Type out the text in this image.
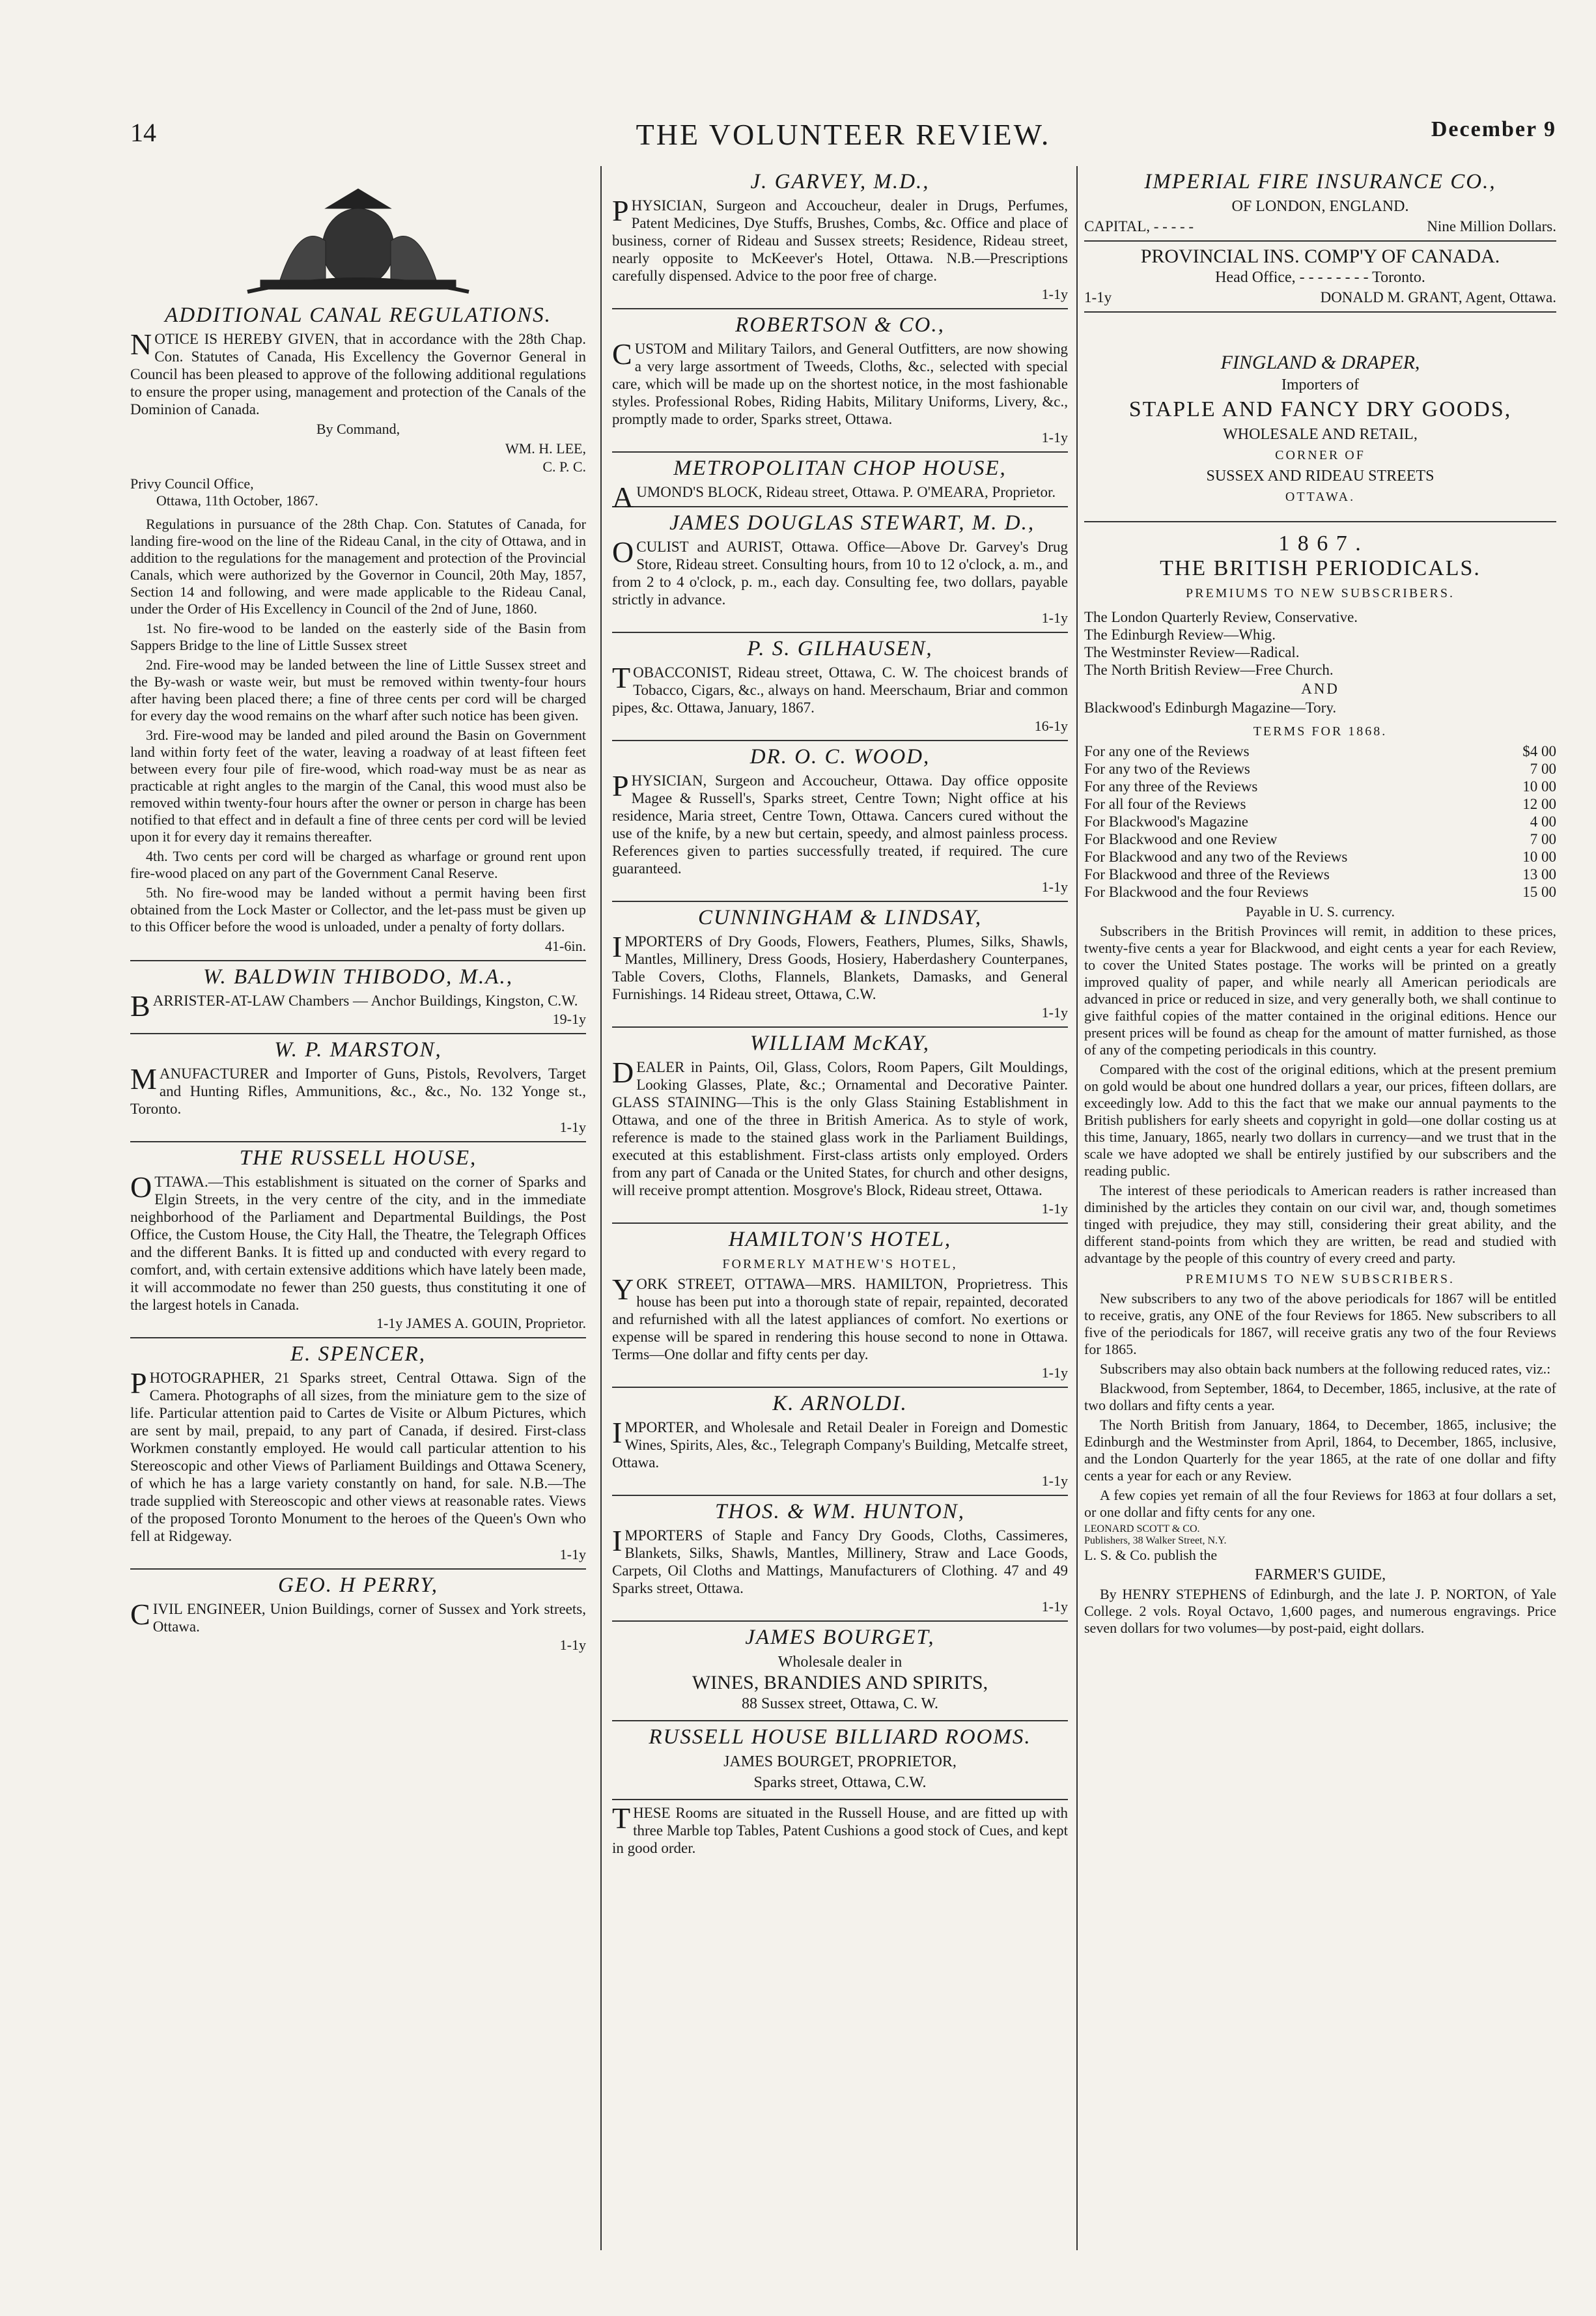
14	THE VOLUNTEER REVIEW.	December 9
ADDITIONAL CANAL REGULATIONS.

NOTICE IS HEREBY GIVEN, that in accordance with the 28th Chap. Con. Statutes of Canada, His Excellency the Governor General in Council has been pleased to approve of the following additional regulations to ensure the proper using, management and protection of the Canals of the Dominion of Canada.

By Command,
WM. H. LEE,
C. P. C.
Privy Council Office,
Ottawa, 11th October, 1867.

Regulations in pursuance of the 28th Chap. Con. Statutes of Canada, for landing fire-wood on the line of the Rideau Canal, in the city of Ottawa, and in addition to the regulations for the management and protection of the Provincial Canals, which were authorized by the Governor in Council, 20th May, 1857, Section 14 and following, and were made applicable to the Rideau Canal, under the Order of His Excellency in Council of the 2nd of June, 1860.

1st. No fire-wood to be landed on the easterly side of the Basin from Sappers Bridge to the line of Little Sussex street

2nd. Fire-wood may be landed between the line of Little Sussex street and the By-wash or waste weir, but must be removed within twenty-four hours after having been placed there; a fine of three cents per cord will be charged for every day the wood remains on the wharf after such notice has been given.

3rd. Fire-wood may be landed and piled around the Basin on Government land within forty feet of the water, leaving a roadway of at least fifteen feet between every four pile of fire-wood, which road-way must be as near as practicable at right angles to the margin of the Canal, this wood must also be removed within twenty-four hours after the owner or person in charge has been notified to that effect and in default a fine of three cents per cord will be levied upon it for every day it remains thereafter.

4th. Two cents per cord will be charged as wharfage or ground rent upon fire-wood placed on any part of the Government Canal Reserve.

5th. No fire-wood may be landed without a permit having been first obtained from the Lock Master or Collector, and the let-pass must be given up to this Officer before the wood is unloaded, under a penalty of forty dollars.

41-6in.
W. BALDWIN THIBODO, M.A.,

BARRISTER-AT-LAW Chambers — Anchor Buildings, Kingston, C.W.

19-1y
W. P. MARSTON,

MANUFACTURER and Importer of Guns, Pistols, Revolvers, Target and Hunting Rifles, Ammunitions, &c., &c., No. 132 Yonge st., Toronto.

1-1y
THE RUSSELL HOUSE,

OTTAWA.—This establishment is situated on the corner of Sparks and Elgin Streets, in the very centre of the city, and in the immediate neighborhood of the Parliament and Departmental Buildings, the Post Office, the Custom House, the City Hall, the Theatre, the Telegraph Offices and the different Banks. It is fitted up and conducted with every regard to comfort, and, with certain extensive additions which have lately been made, it will accommodate no fewer than 250 guests, thus constituting it one of the largest hotels in Canada.

1-1y JAMES A. GOUIN, Proprietor.
E. SPENCER,

PHOTOGRAPHER, 21 Sparks street, Central Ottawa. Sign of the Camera. Photographs of all sizes, from the miniature gem to the size of life. Particular attention paid to Cartes de Visite or Album Pictures, which are sent by mail, prepaid, to any part of Canada, if desired. First-class Workmen constantly employed. He would call particular attention to his Stereoscopic and other Views of Parliament Buildings and Ottawa Scenery, of which he has a large variety constantly on hand, for sale. N.B.—The trade supplied with Stereoscopic and other views at reasonable rates. Views of the proposed Toronto Monument to the heroes of the Queen's Own who fell at Ridgeway.

1-1y
GEO. H PERRY,

CIVIL ENGINEER, Union Buildings, corner of Sussex and York streets, Ottawa.

1-1y
J. GARVEY, M.D.,

PHYSICIAN, Surgeon and Accoucheur, dealer in Drugs, Perfumes, Patent Medicines, Dye Stuffs, Brushes, Combs, &c. Office and place of business, corner of Rideau and Sussex streets; Residence, Rideau street, nearly opposite to McKeever's Hotel, Ottawa. N.B.—Prescriptions carefully dispensed. Advice to the poor free of charge.

1-1y
ROBERTSON & CO.,

CUSTOM and Military Tailors, and General Outfitters, are now showing a very large assortment of Tweeds, Cloths, &c., selected with special care, which will be made up on the shortest notice, in the most fashionable styles. Professional Robes, Riding Habits, Military Uniforms, Livery, &c., promptly made to order, Sparks street, Ottawa.

1-1y
METROPOLITAN CHOP HOUSE,

AUMOND'S BLOCK, Rideau street, Ottawa. P. O'MEARA, Proprietor.

JAMES DOUGLAS STEWART, M. D.,

OCULIST and AURIST, Ottawa. Office—Above Dr. Garvey's Drug Store, Rideau street. Consulting hours, from 10 to 12 o'clock, a. m., and from 2 to 4 o'clock, p. m., each day. Consulting fee, two dollars, payable strictly in advance.

1-1y
P. S. GILHAUSEN,

TOBACCONIST, Rideau street, Ottawa, C. W. The choicest brands of Tobacco, Cigars, &c., always on hand. Meerschaum, Briar and common pipes, &c. Ottawa, January, 1867.

16-1y
DR. O. C. WOOD,

PHYSICIAN, Surgeon and Accoucheur, Ottawa. Day office opposite Magee & Russell's, Sparks street, Centre Town; Night office at his residence, Maria street, Centre Town, Ottawa. Cancers cured without the use of the knife, by a new but certain, speedy, and almost painless process. References given to parties successfully treated, if required. The cure guaranteed.

1-1y
CUNNINGHAM & LINDSAY,

IMPORTERS of Dry Goods, Flowers, Feathers, Plumes, Silks, Shawls, Mantles, Millinery, Dress Goods, Hosiery, Haberdashery Counterpanes, Table Covers, Cloths, Flannels, Blankets, Damasks, and General Furnishings. 14 Rideau street, Ottawa, C.W.

1-1y
WILLIAM McKAY,

DEALER in Paints, Oil, Glass, Colors, Room Papers, Gilt Mouldings, Looking Glasses, Plate, &c.; Ornamental and Decorative Painter. GLASS STAINING—This is the only Glass Staining Establishment in Ottawa, and one of the three in British America. As to style of work, reference is made to the stained glass work in the Parliament Buildings, executed at this establishment. First-class artists only employed. Orders from any part of Canada or the United States, for church and other designs, will receive prompt attention. Mosgrove's Block, Rideau street, Ottawa.

1-1y
HAMILTON'S HOTEL,
FORMERLY MATHEW'S HOTEL,

YORK STREET, OTTAWA—MRS. HAMILTON, Proprietress. This house has been put into a thorough state of repair, repainted, decorated and refurnished with all the latest appliances of comfort. No exertions or expense will be spared in rendering this house second to none in Ottawa. Terms—One dollar and fifty cents per day.

1-1y
K. ARNOLDI.

IMPORTER, and Wholesale and Retail Dealer in Foreign and Domestic Wines, Spirits, Ales, &c., Telegraph Company's Building, Metcalfe street, Ottawa.

1-1y
THOS. & WM. HUNTON,

IMPORTERS of Staple and Fancy Dry Goods, Cloths, Cassimeres, Blankets, Silks, Shawls, Mantles, Millinery, Straw and Lace Goods, Carpets, Oil Cloths and Mattings, Manufacturers of Clothing. 47 and 49 Sparks street, Ottawa.

1-1y
JAMES BOURGET,
Wholesale dealer in
WINES, BRANDIES AND SPIRITS,
88 Sussex street, Ottawa, C. W.
RUSSELL HOUSE BILLIARD ROOMS.
JAMES BOURGET, PROPRIETOR,
Sparks street, Ottawa, C.W.

THESE Rooms are situated in the Russell House, and are fitted up with three Marble top Tables, Patent Cushions a good stock of Cues, and kept in good order.

IMPERIAL FIRE INSURANCE CO.,
OF LONDON, ENGLAND.
CAPITAL, - - - - -	Nine Million Dollars.
PROVINCIAL INS. COMP'Y OF CANADA.
Head Office, - - - - - - - - Toronto.
1-1y	DONALD M. GRANT, Agent, Ottawa.
FINGLAND & DRAPER,
Importers of
STAPLE AND FANCY DRY GOODS,
WHOLESALE AND RETAIL,
CORNER OF
SUSSEX AND RIDEAU STREETS
OTTAWA.
1 8 6 7 .
THE BRITISH PERIODICALS.
PREMIUMS TO NEW SUBSCRIBERS.
The London Quarterly Review, Conservative.
The Edinburgh Review—Whig.
The Westminster Review—Radical.
The North British Review—Free Church.
AND
Blackwood's Edinburgh Magazine—Tory.
TERMS FOR 1868.
For any one of the Reviews	$4 00
For any two of the Reviews	7 00
For any three of the Reviews	10 00
For all four of the Reviews	12 00
For Blackwood's Magazine	4 00
For Blackwood and one Review	7 00
For Blackwood and any two of the Reviews	10 00
For Blackwood and three of the Reviews	13 00
For Blackwood and the four Reviews	15 00
Payable in U. S. currency.

Subscribers in the British Provinces will remit, in addition to these prices, twenty-five cents a year for Blackwood, and eight cents a year for each Review, to cover the United States postage. The works will be printed on a greatly improved quality of paper, and while nearly all American periodicals are advanced in price or reduced in size, and very generally both, we shall continue to give faithful copies of the matter contained in the original editions. Hence our present prices will be found as cheap for the amount of matter furnished, as those of any of the competing periodicals in this country.

Compared with the cost of the original editions, which at the present premium on gold would be about one hundred dollars a year, our prices, fifteen dollars, are exceedingly low. Add to this the fact that we make our annual payments to the British publishers for early sheets and copyright in gold—one dollar costing us at this time, January, 1865, nearly two dollars in currency—and we trust that in the scale we have adopted we shall be entirely justified by our subscribers and the reading public.

The interest of these periodicals to American readers is rather increased than diminished by the articles they contain on our civil war, and, though sometimes tinged with prejudice, they may still, considering their great ability, and the different stand-points from which they are written, be read and studied with advantage by the people of this country of every creed and party.

PREMIUMS TO NEW SUBSCRIBERS.

New subscribers to any two of the above periodicals for 1867 will be entitled to receive, gratis, any ONE of the four Reviews for 1865. New subscribers to all five of the periodicals for 1867, will receive gratis any two of the four Reviews for 1865.

Subscribers may also obtain back numbers at the following reduced rates, viz.:

Blackwood, from September, 1864, to December, 1865, inclusive, at the rate of two dollars and fifty cents a year.

The North British from January, 1864, to December, 1865, inclusive; the Edinburgh and the Westminster from April, 1864, to December, 1865, inclusive, and the London Quarterly for the year 1865, at the rate of one dollar and fifty cents a year for each or any Review.

A few copies yet remain of all the four Reviews for 1863 at four dollars a set, or one dollar and fifty cents for any one.

LEONARD SCOTT & CO.
Publishers, 38 Walker Street, N.Y.
L. S. & Co. publish the
FARMER'S GUIDE,

By HENRY STEPHENS of Edinburgh, and the late J. P. NORTON, of Yale College. 2 vols. Royal Octavo, 1,600 pages, and numerous engravings. Price seven dollars for two volumes—by post-paid, eight dollars.
